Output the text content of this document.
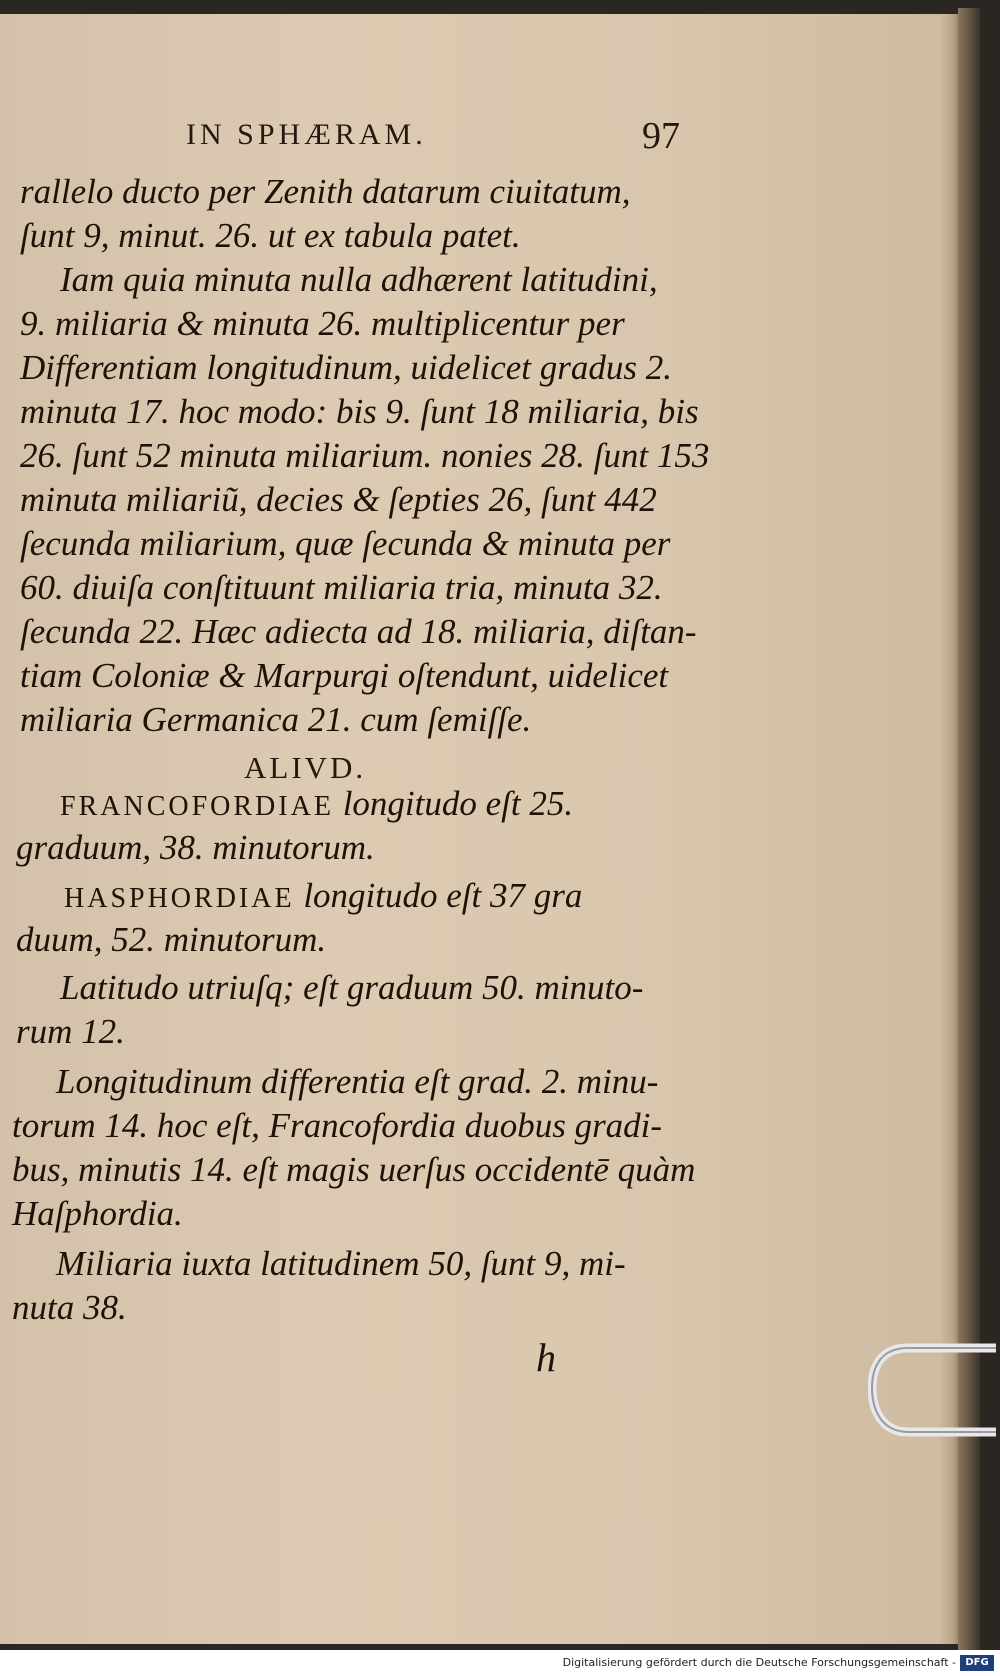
IN SPHÆRAM.	97
rallelo ducto per Zenith datarum ciuitatum,
ſunt 9, minut. 26. ut ex tabula patet.
Iam quia minuta nulla adhærent latitudini,
9. miliaria & minuta 26. multiplicentur per
Differentiam longitudinum, uidelicet gradus 2.
minuta 17. hoc modo: bis 9. ſunt 18 miliaria, bis
26. ſunt 52 minuta miliarium. nonies 28. ſunt 153
minuta miliariũ, decies & ſepties 26, ſunt 442
ſecunda miliarium, quæ ſecunda & minuta per
60. diuiſa conſtituunt miliaria tria, minuta 32.
ſecunda 22. Hæc adiecta ad 18. miliaria, diſtan-
tiam Coloniæ & Marpurgi oſtendunt, uidelicet
miliaria Germanica 21. cum ſemiſſe.
ALIVD.
FRANCOFORDIAE longitudo eſt 25.
graduum, 38. minutorum.
HASPHORDIAE longitudo eſt 37 gra
duum, 52. minutorum.
Latitudo utriuſq; eſt graduum 50. minuto-
rum 12.
Longitudinum differentia eſt grad. 2. minu-
torum 14. hoc eſt, Francofordia duobus gradi-
bus, minutis 14. eſt magis uerſus occidentē quàm
Haſphordia.
Miliaria iuxta latitudinem 50, ſunt 9, mi-
nuta 38.
h
Digitalisierung gefördert durch die Deutsche Forschungsgemeinschaft - DFG
